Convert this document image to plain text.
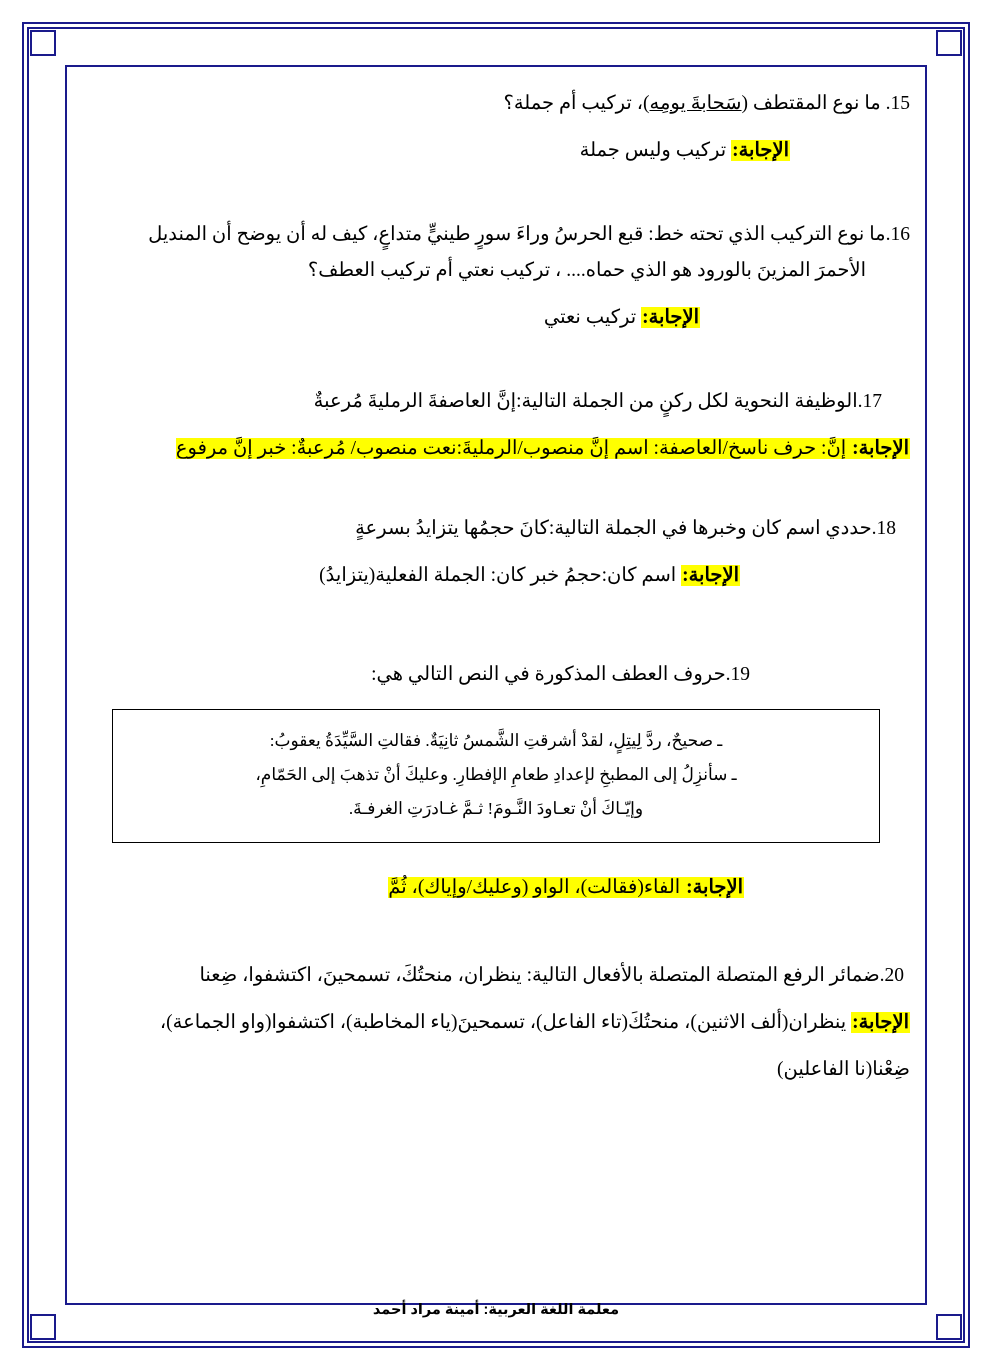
15. ما نوع المقتطف (سَحابةَ يومِه)، تركيب أم جملة؟
الإجابة: تركيب وليس جملة
16.ما نوع التركيب الذي تحته خط: قبع الحرسُ وراءَ سورٍ طينيٍّ متداعٍ، كيف له أن يوضح أن المنديل
الأحمرَ المزينَ بالورود هو الذي حماه.... ، تركيب نعتي أم تركيب العطف؟
الإجابة: تركيب نعتي
17.الوظيفة النحوية لكل ركنٍ من الجملة التالية:إنَّ العاصفةَ الرمليةَ مُرعبةٌ
الإجابة: إنَّ: حرف ناسخ/العاصفة: اسم إنَّ منصوب/الرمليةَ:نعت منصوب/ مُرعبةٌ: خبر إنَّ مرفوع
18.حددي اسم كان وخبرها في الجملة التالية:كانَ حجمُها يتزايدُ بسرعةٍ
الإجابة: اسم كان:حجمُ خبر كان: الجملة الفعلية(يتزايدُ)
19.حروف العطف المذكورة في النص التالي هي:
ـ صحيحٌ، ردَّ لِيتِلٍ، لقدْ أشرقتِ الشَّمسُ ثانِيَةٌ. فقالتِ السَّيِّدَةُ يعقوبُ:
ـ سأنزِلُ إلى المطبخِ لإعدادِ طعامِ الإفطارِ. وعليكَ أنْ تذهبَ إلى الحَمّامِ،
وإيّـاكَ أنْ تعـاودَ النَّـومَ! ثـمَّ غـادرَتِ الغرفـةَ.
الإجابة: الفاء(فقالت)، الواو (وعليك/وإياك)، ثُمَّ
20.ضمائر الرفع المتصلة المتصلة بالأفعال التالية: ينظران، منحتُكَ، تسمحينَ، اكتشفوا، ضِعنا
الإجابة: ينظران(ألف الاثنين)، منحتُكَ(تاء الفاعل)، تسمحينَ(ياء المخاطبة)، اكتشفوا(واو الجماعة)،
ضِعْنا(نا الفاعلين)
معلمة اللغة العربية: أمينة مراد أحمد
